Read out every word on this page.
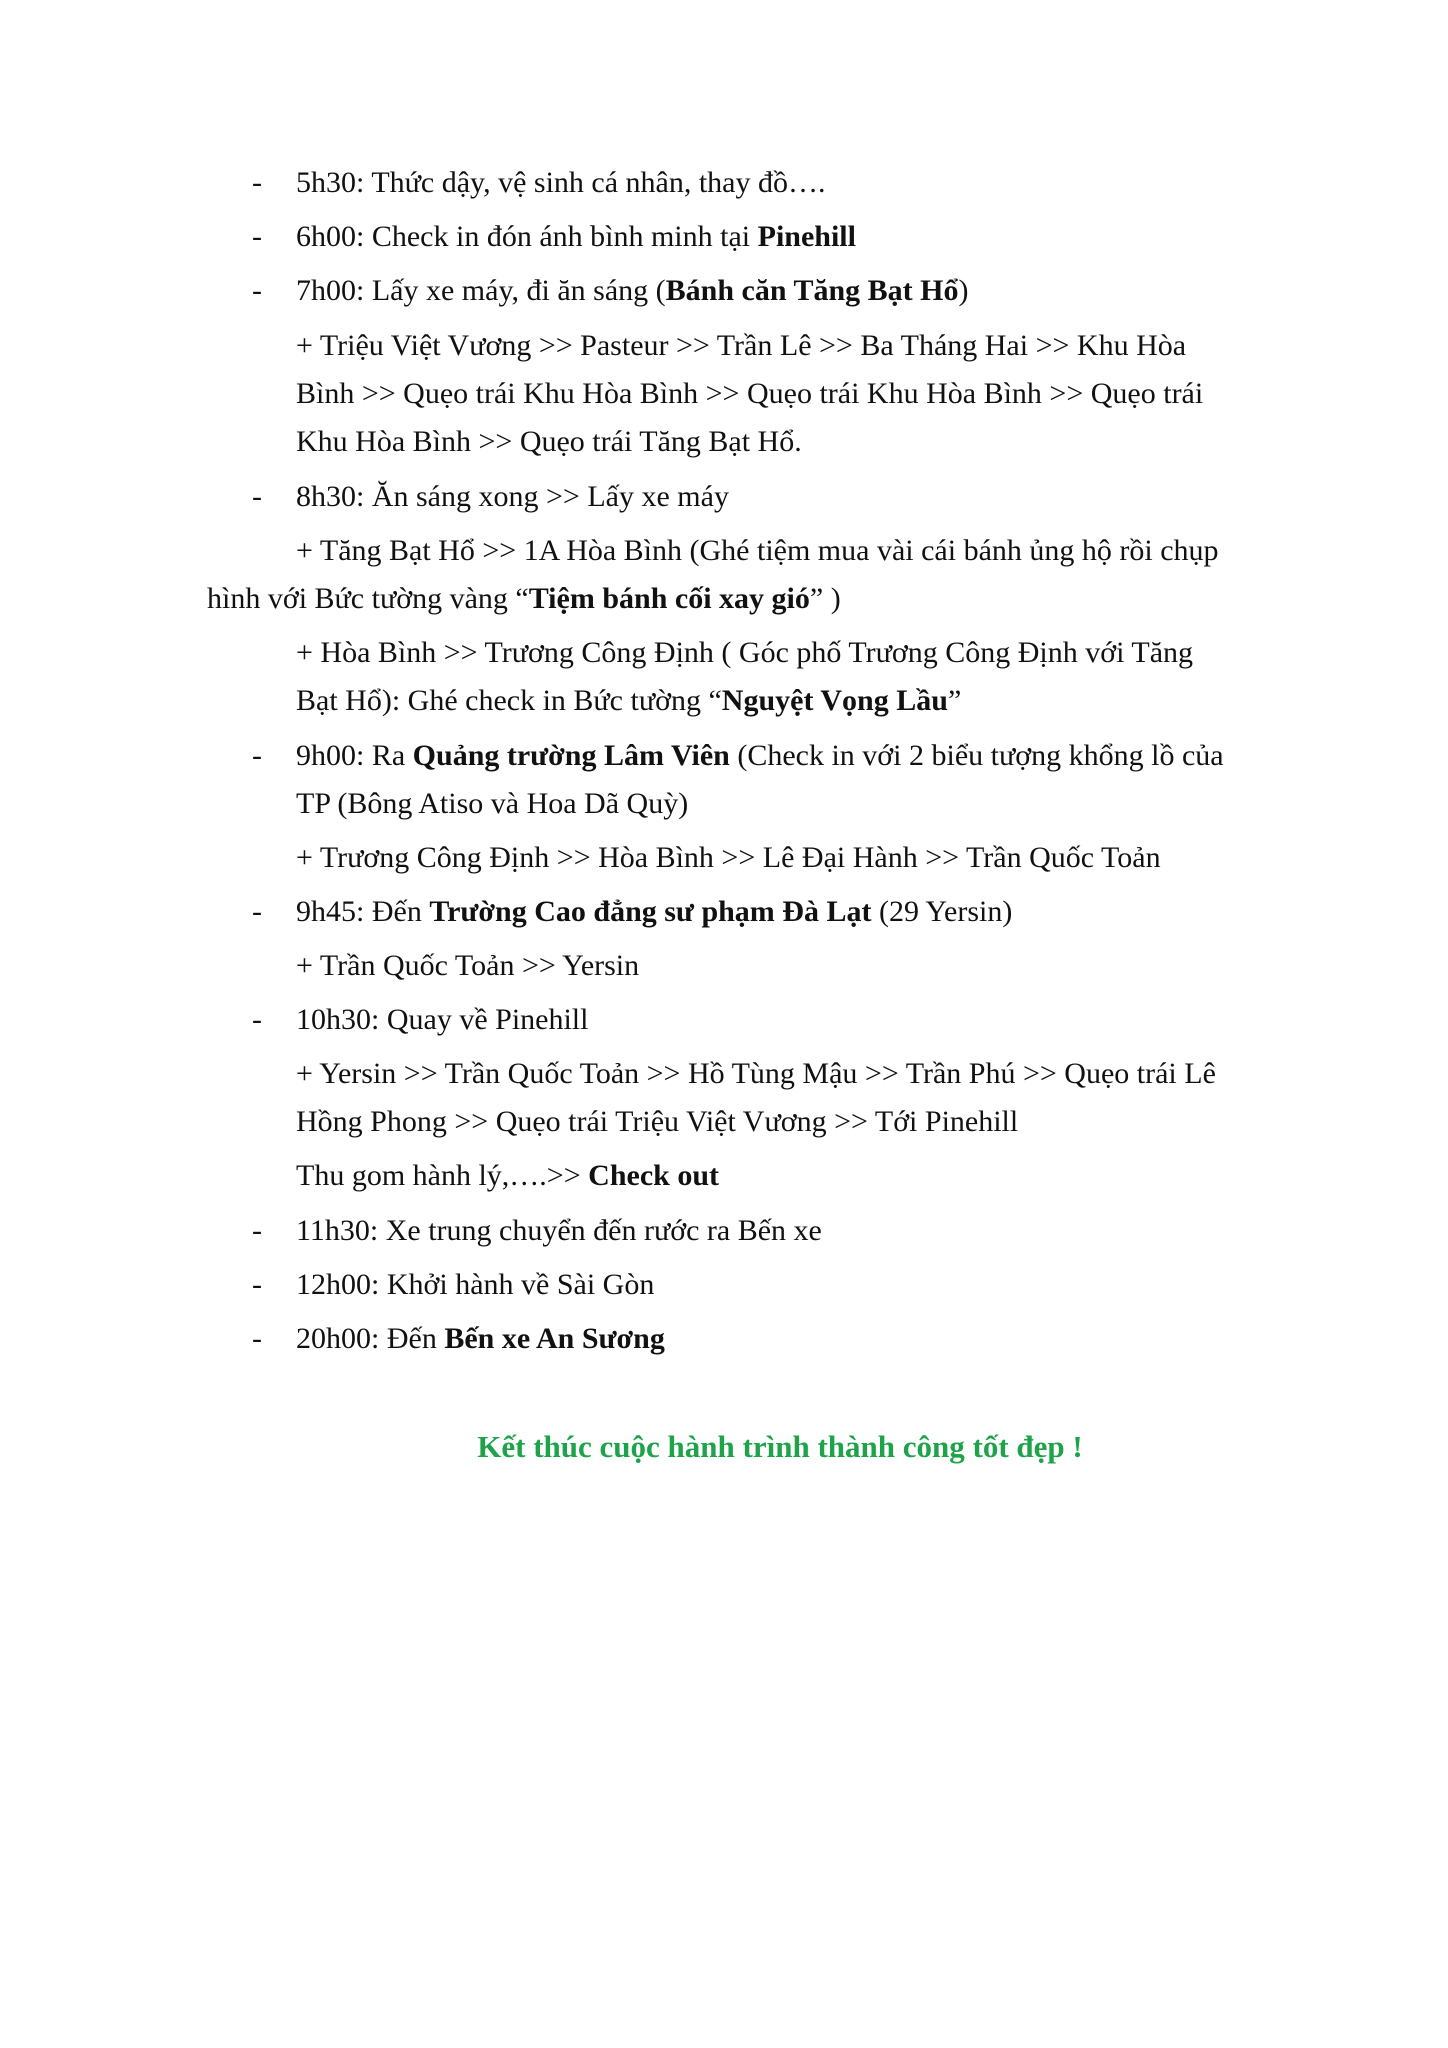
- 5h30: Thức dậy, vệ sinh cá nhân, thay đồ….
- 6h00: Check in đón ánh bình minh tại Pinehill
- 7h00: Lấy xe máy, đi ăn sáng (Bánh căn Tăng Bạt Hổ)
+ Triệu Việt Vương >> Pasteur >> Trần Lê >> Ba Tháng Hai >> Khu Hòa
Bình >> Quẹo trái Khu Hòa Bình >> Quẹo trái Khu Hòa Bình >> Quẹo trái
Khu Hòa Bình >> Quẹo trái Tăng Bạt Hổ.
- 8h30: Ăn sáng xong >> Lấy xe máy
+ Tăng Bạt Hổ >> 1A Hòa Bình (Ghé tiệm mua vài cái bánh ủng hộ rồi chụp
hình với Bức tường vàng “Tiệm bánh cối xay gió” )
+ Hòa Bình >> Trương Công Định ( Góc phố Trương Công Định với Tăng
Bạt Hổ): Ghé check in Bức tường “Nguyệt Vọng Lầu”
- 9h00: Ra Quảng trường Lâm Viên (Check in với 2 biểu tượng khổng lồ của
TP (Bông Atiso và Hoa Dã Quỳ)
+ Trương Công Định >> Hòa Bình >> Lê Đại Hành >> Trần Quốc Toản
- 9h45: Đến Trường Cao đẳng sư phạm Đà Lạt (29 Yersin)
+ Trần Quốc Toản >> Yersin
- 10h30: Quay về Pinehill
+ Yersin >> Trần Quốc Toản >> Hồ Tùng Mậu >> Trần Phú >> Quẹo trái Lê
Hồng Phong >> Quẹo trái Triệu Việt Vương >> Tới Pinehill
Thu gom hành lý,….>> Check out
- 11h30: Xe trung chuyển đến rước ra Bến xe
- 12h00: Khởi hành về Sài Gòn
- 20h00: Đến Bến xe An Sương
Kết thúc cuộc hành trình thành công tốt đẹp !
